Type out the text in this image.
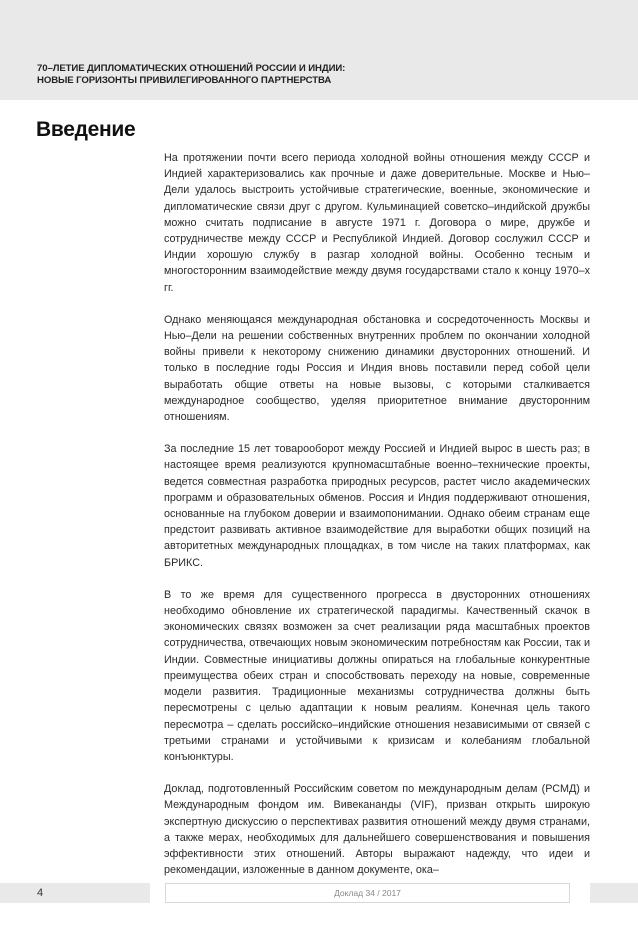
70–ЛЕТИЕ ДИПЛОМАТИЧЕСКИХ ОТНОШЕНИЙ РОССИИ И ИНДИИ:
НОВЫЕ ГОРИЗОНТЫ ПРИВИЛЕГИРОВАННОГО ПАРТНЕРСТВА
Введение

На протяжении почти всего периода холодной войны отношения между СССР и Индией характеризовались как прочные и даже доверительные. Москве и Нью–Дели удалось выстроить устойчивые стратегические, военные, экономические и дипломатические связи друг с другом. Кульминацией советско–индийской дружбы можно считать подписание в августе 1971 г. Договора о мире, дружбе и сотрудничестве между СССР и Республикой Индией. Договор сослужил СССР и Индии хорошую службу в разгар холодной войны. Особенно тесным и многосторонним взаимодействие между двумя государствами стало к концу 1970–х гг.

Однако меняющаяся международная обстановка и сосредоточенность Москвы и Нью–Дели на решении собственных внутренних проблем по окончании холодной войны привели к некоторому снижению динамики двусторонних отношений. И только в последние годы Россия и Индия вновь поставили перед собой цели выработать общие ответы на новые вызовы, с которыми сталкивается международное сообщество, уделяя приоритетное внимание двусторонним отношениям.

За последние 15 лет товарооборот между Россией и Индией вырос в шесть раз; в настоящее время реализуются крупномасштабные военно–технические проекты, ведется совместная разработка природных ресурсов, растет число академических программ и образовательных обменов. Россия и Индия поддерживают отношения, основанные на глубоком доверии и взаимопонимании. Однако обеим странам еще предстоит развивать активное взаимодействие для выработки общих позиций на авторитетных международных площадках, в том числе на таких платформах, как БРИКС.

В то же время для существенного прогресса в двусторонних отношениях необходимо обновление их стратегической парадигмы. Качественный скачок в экономических связях возможен за счет реализации ряда масштабных проектов сотрудничества, отвечающих новым экономическим потребностям как России, так и Индии. Совместные инициативы должны опираться на глобальные конкурентные преимущества обеих стран и способствовать переходу на новые, современные модели развития. Традиционные механизмы сотрудничества должны быть пересмотрены с целью адаптации к новым реалиям. Конечная цель такого пересмотра – сделать российско–индийские отношения независимыми от связей с третьими странами и устойчивыми к кризисам и колебаниям глобальной конъюнктуры.

Доклад, подготовленный Российским советом по международным делам (РСМД) и Международным фондом им. Вивекананды (VIF), призван открыть широкую экспертную дискуссию о перспективах развития отношений между двумя странами, а также мерах, необходимых для дальнейшего совершенствования и повышения эффективности этих отношений. Авторы выражают надежду, что идеи и рекомендации, изложенные в данном документе, ока–

4	Доклад 34 / 2017
